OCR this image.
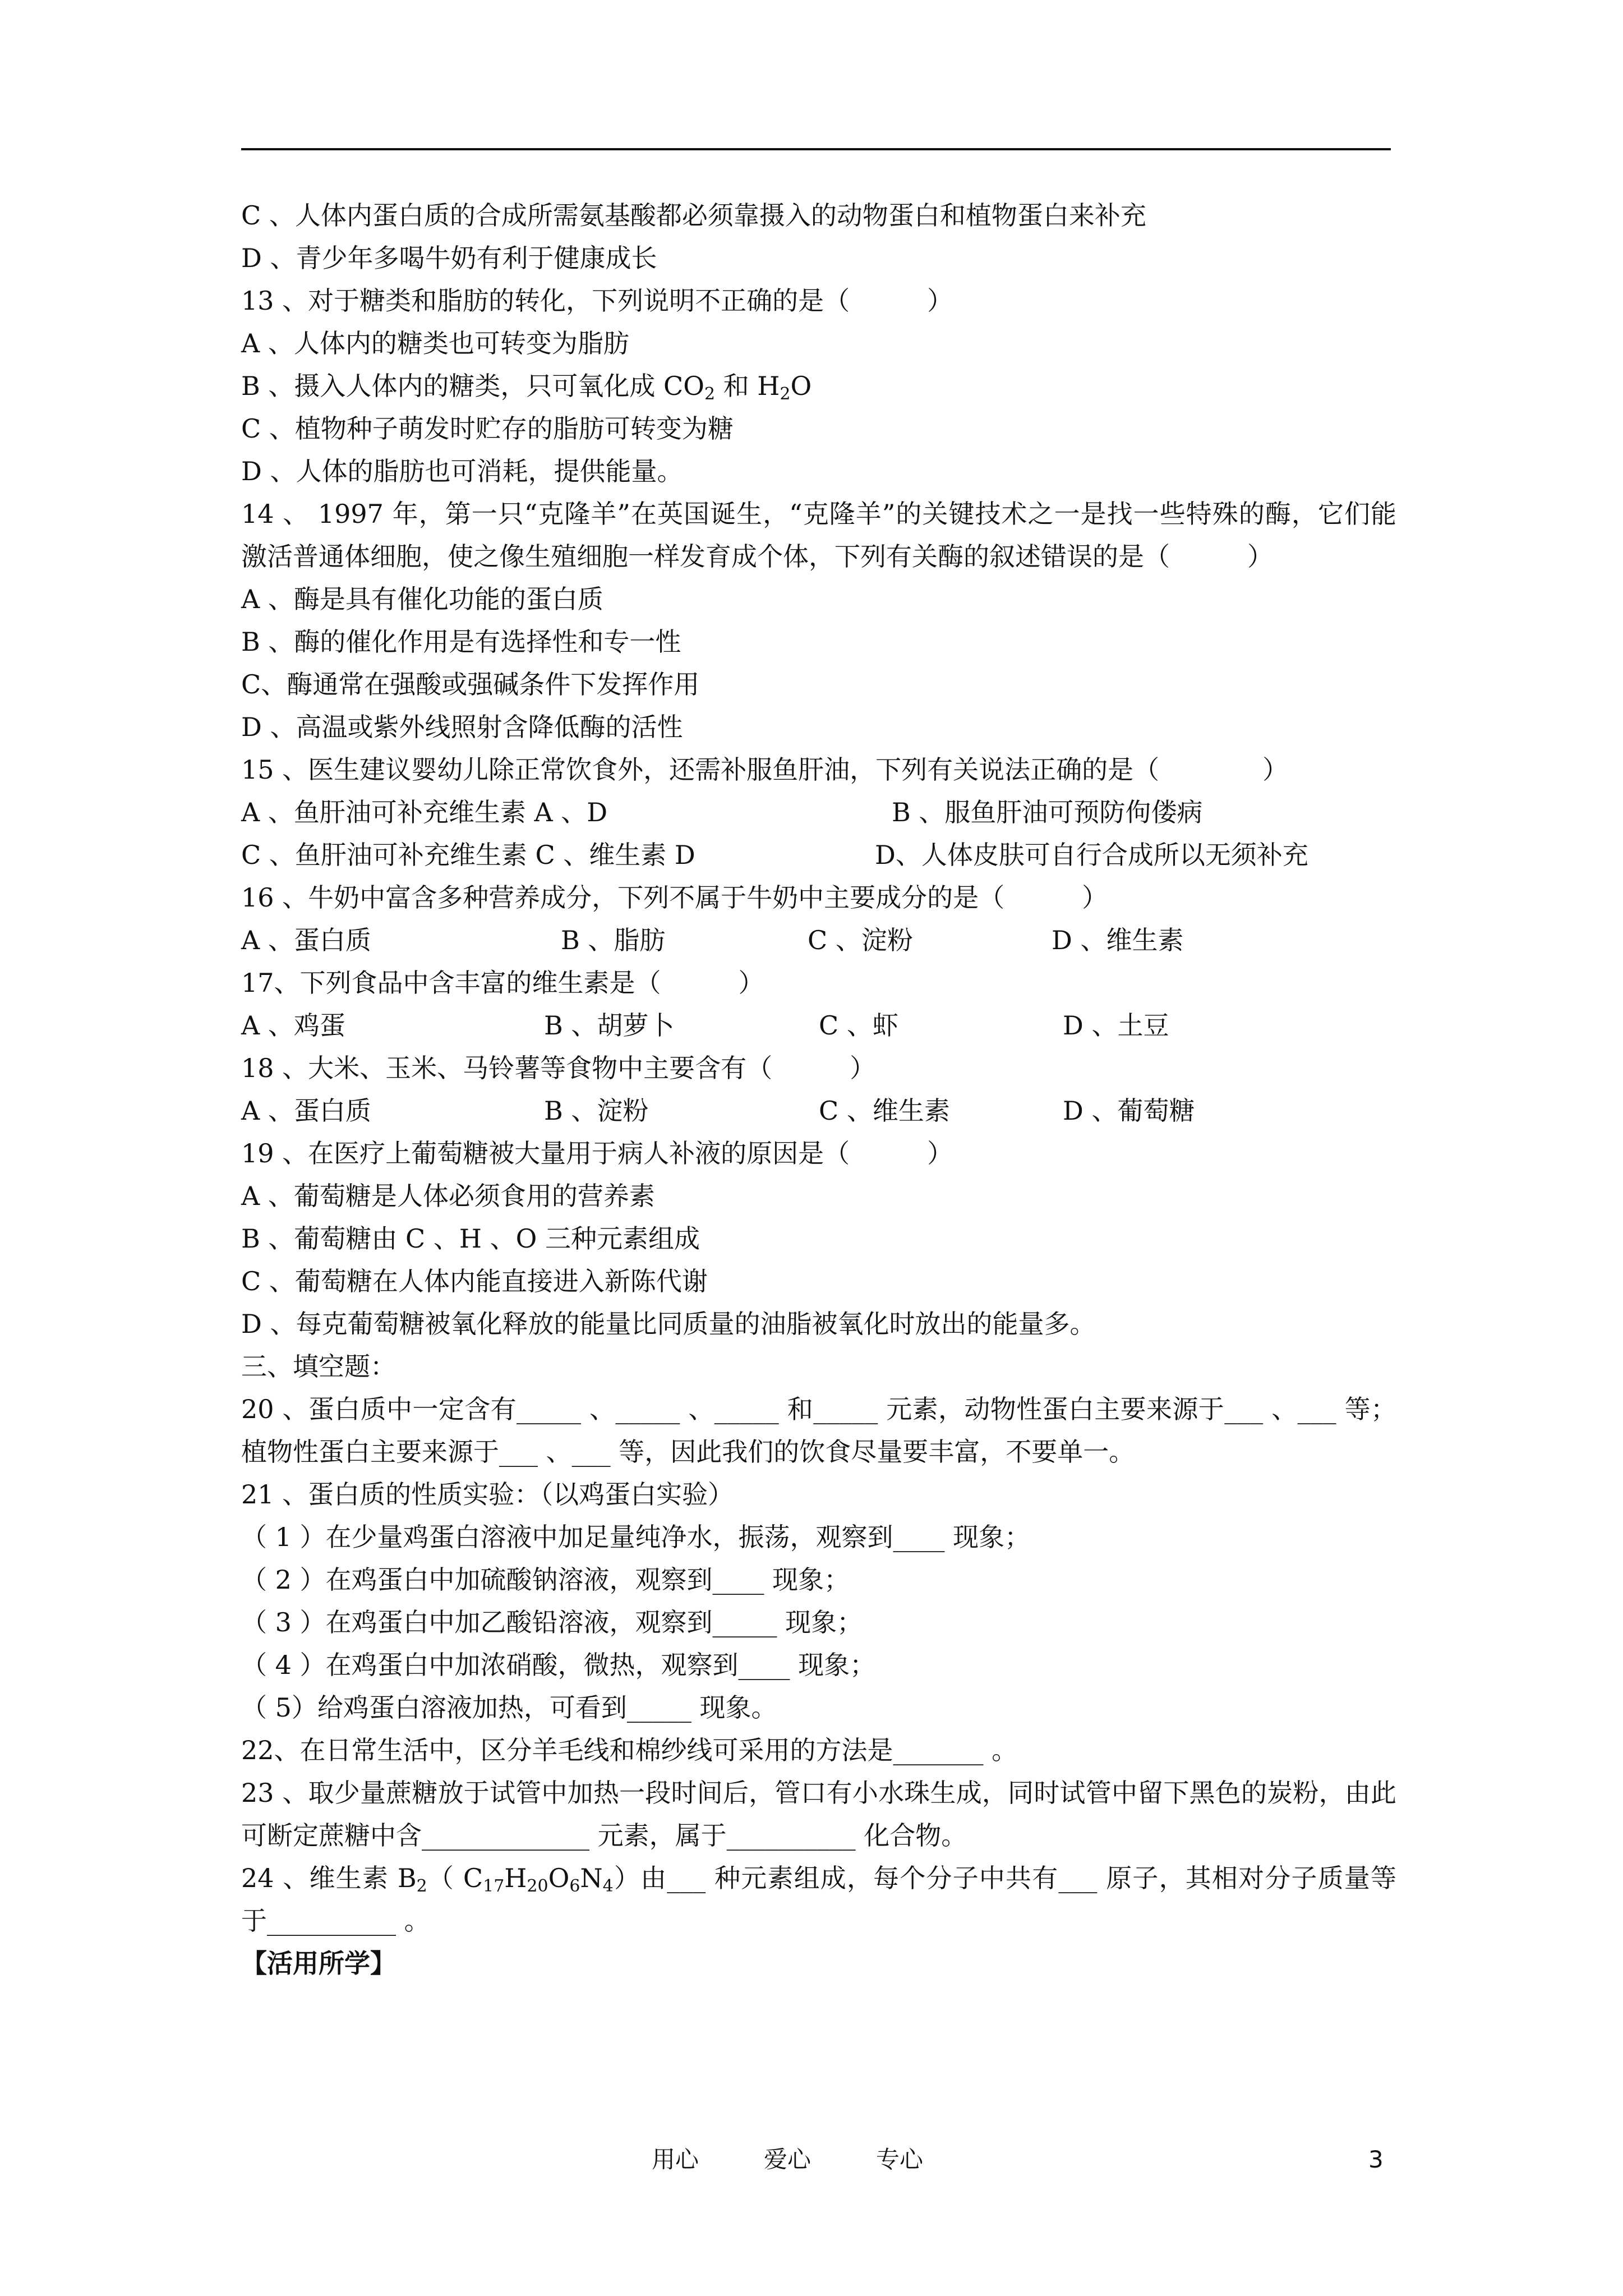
C 、人体内蛋白质的合成所需氨基酸都必须靠摄入的动物蛋白和植物蛋白来补充
D 、青少年多喝牛奶有利于健康成长
13 、对于糖类和脂肪的转化，下列说明不正确的是（　　　）
A 、人体内的糖类也可转变为脂肪
B 、摄入人体内的糖类，只可氧化成 $CO_2$ 和 $H_2O$
C 、植物种子萌发时贮存的脂肪可转变为糖
D 、人体的脂肪也可消耗，提供能量。
14 、 1997 年，第一只“克隆羊”在英国诞生，“克隆羊”的关键技术之一是找一些特殊的酶，它们能激活普通体细胞，使之像生殖细胞一样发育成个体，下列有关酶的叙述错误的是（　　　）
A 、酶是具有催化功能的蛋白质
B 、酶的催化作用是有选择性和专一性
C、酶通常在强酸或强碱条件下发挥作用
D 、高温或紫外线照射含降低酶的活性
15 、医生建议婴幼儿除正常饮食外，还需补服鱼肝油，下列有关说法正确的是（　　　　）
A 、鱼肝油可补充维生素 A 、D	B 、服鱼肝油可预防佝偻病
C 、鱼肝油可补充维生素 C 、维生素 D	D、人体皮肤可自行合成所以无须补充
16 、牛奶中富含多种营养成分，下列不属于牛奶中主要成分的是（　　　）
A 、蛋白质	B 、脂肪	C 、淀粉	D 、维生素
17、下列食品中含丰富的维生素是（　　　）
A 、鸡蛋	B 、胡萝卜	C 、虾	D 、土豆
18 、大米、玉米、马铃薯等食物中主要含有（　　　）
A 、蛋白质	B 、淀粉	C 、维生素	D 、葡萄糖
19 、在医疗上葡萄糖被大量用于病人补液的原因是（　　　）
A 、葡萄糖是人体必须食用的营养素
B 、葡萄糖由 C 、H 、O 三种元素组成
C 、葡萄糖在人体内能直接进入新陈代谢
D 、每克葡萄糖被氧化释放的能量比同质量的油脂被氧化时放出的能量多。
三、填空题：
20 、蛋白质中一定含有_____ 、_____ 、_____ 和_____ 元素，动物性蛋白主要来源于___ 、___ 等；植物性蛋白主要来源于___ 、___ 等，因此我们的饮食尽量要丰富，不要单一。
21 、蛋白质的性质实验：（以鸡蛋白实验）
（ 1 ）在少量鸡蛋白溶液中加足量纯净水，振荡，观察到____ 现象；
（ 2 ）在鸡蛋白中加硫酸钠溶液，观察到____ 现象；
（ 3 ）在鸡蛋白中加乙酸铅溶液，观察到_____ 现象；
（ 4 ）在鸡蛋白中加浓硝酸，微热，观察到____ 现象；
（ 5）给鸡蛋白溶液加热，可看到_____ 现象。
22、在日常生活中，区分羊毛线和棉纱线可采用的方法是_______ 。
23 、取少量蔗糖放于试管中加热一段时间后，管口有小水珠生成，同时试管中留下黑色的炭粉，由此可断定蔗糖中含_____________ 元素，属于__________ 化合物。
24 、维生素 $B_2$（ $C_{17}H_{20}O_6N_4$）由___ 种元素组成，每个分子中共有___ 原子，其相对分子质量等于__________ 。
【活用所学】
用心	爱心	专心	3
